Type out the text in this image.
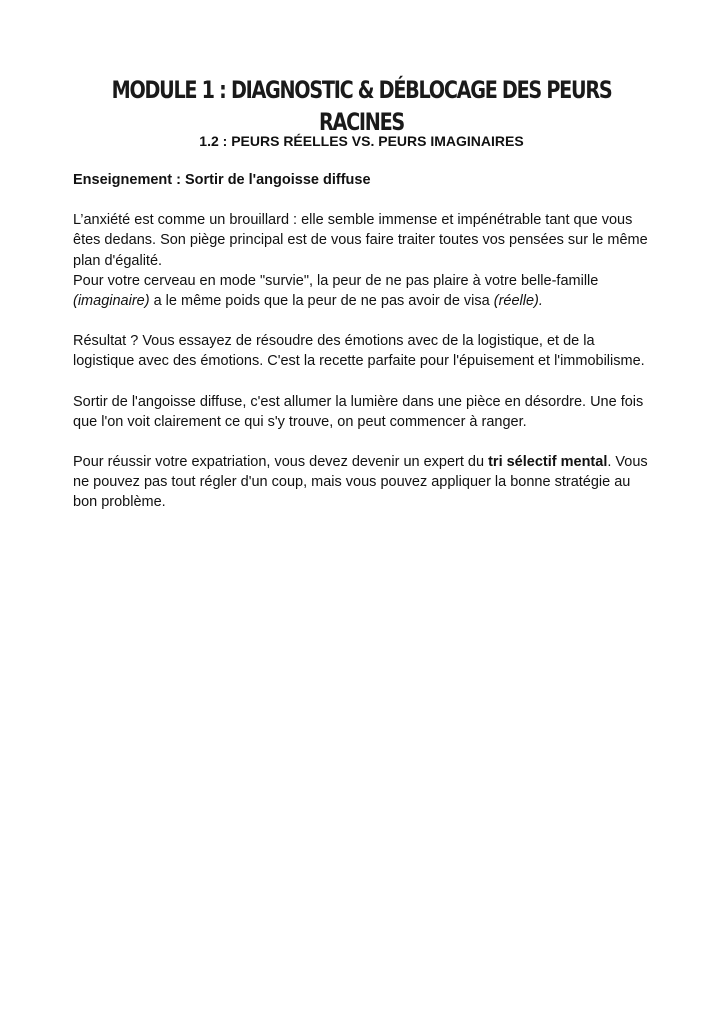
MODULE 1 : DIAGNOSTIC & DÉBLOCAGE DES PEURS RACINES
1.2 : PEURS RÉELLES VS. PEURS IMAGINAIRES

Enseignement : Sortir de l'angoisse diffuse

L’anxiété est comme un brouillard : elle semble immense et impénétrable tant que vous êtes dedans. Son piège principal est de vous faire traiter toutes vos pensées sur le même plan d'égalité.

Pour votre cerveau en mode "survie", la peur de ne pas plaire à votre belle-famille (imaginaire) a le même poids que la peur de ne pas avoir de visa (réelle).

Résultat ? Vous essayez de résoudre des émotions avec de la logistique, et de la logistique avec des émotions. C'est la recette parfaite pour l'épuisement et l'immobilisme.

Sortir de l'angoisse diffuse, c'est allumer la lumière dans une pièce en désordre. Une fois que l'on voit clairement ce qui s'y trouve, on peut commencer à ranger.

Pour réussir votre expatriation, vous devez devenir un expert du tri sélectif mental. Vous ne pouvez pas tout régler d'un coup, mais vous pouvez appliquer la bonne stratégie au bon problème.
